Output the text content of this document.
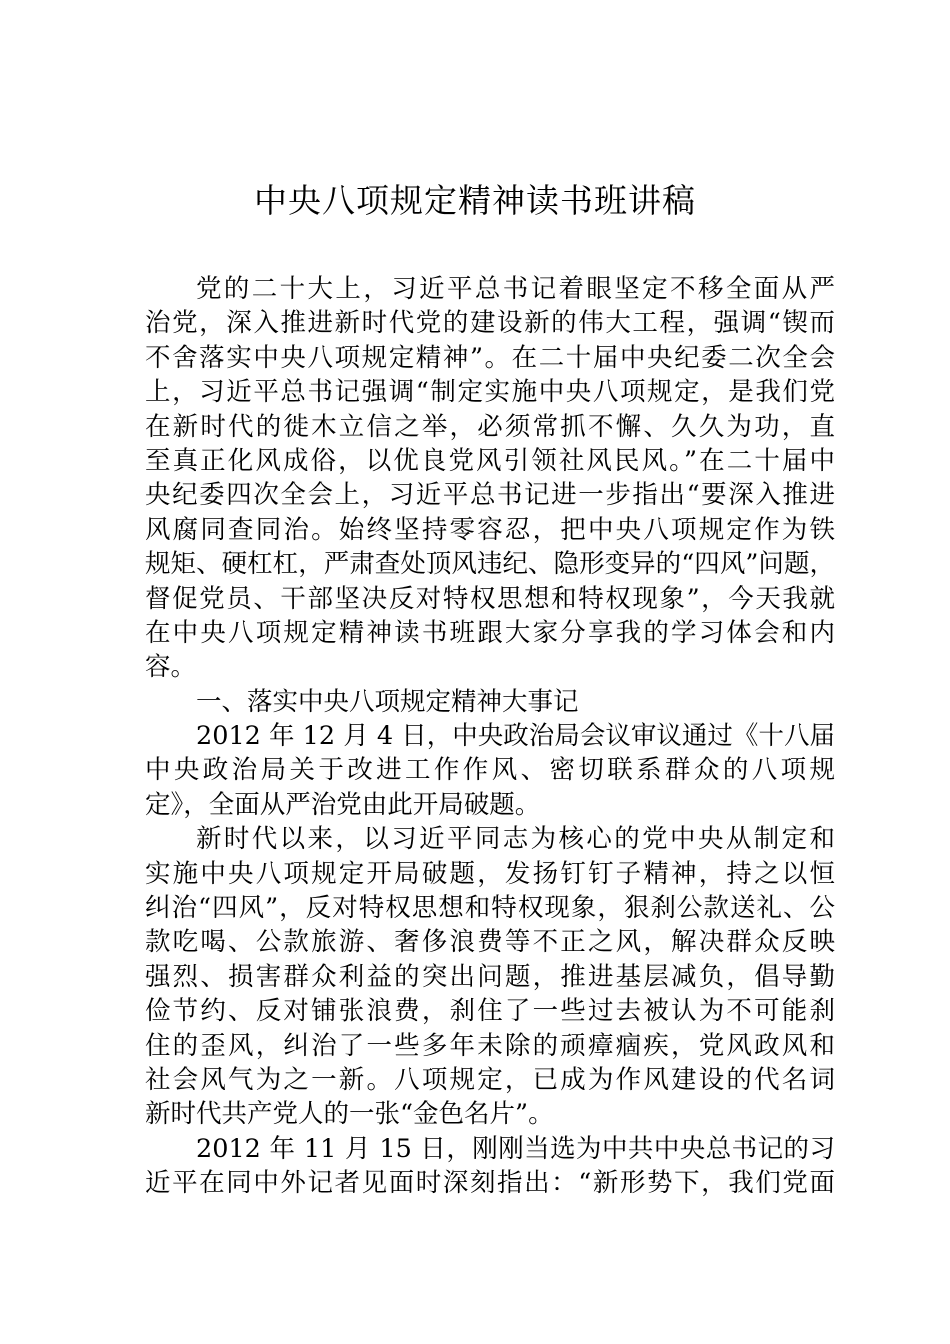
中央八项规定精神读书班讲稿
党的二十大上，习近平总书记着眼坚定不移全面从严
治党，深入推进新时代党的建设新的伟大工程，强调“锲而
不舍落实中央八项规定精神”。在二十届中央纪委二次全会
上，习近平总书记强调“制定实施中央八项规定，是我们党
在新时代的徙木立信之举，必须常抓不懈、久久为功，直
至真正化风成俗，以优良党风引领社风民风。”在二十届中
央纪委四次全会上，习近平总书记进一步指出“要深入推进
风腐同查同治。始终坚持零容忍，把中央八项规定作为铁
规矩、硬杠杠，严肃查处顶风违纪、隐形变异的“四风”问题，
督促党员、干部坚决反对特权思想和特权现象”，今天我就
在中央八项规定精神读书班跟大家分享我的学习体会和内
容。
一、落实中央八项规定精神大事记
2012 年 12 月 4 日，中央政治局会议审议通过《十八届
中央政治局关于改进工作作风、密切联系群众的八项规
定》，全面从严治党由此开局破题。
新时代以来，以习近平同志为核心的党中央从制定和
实施中央八项规定开局破题，发扬钉钉子精神，持之以恒
纠治“四风”，反对特权思想和特权现象，狠刹公款送礼、公
款吃喝、公款旅游、奢侈浪费等不正之风，解决群众反映
强烈、损害群众利益的突出问题，推进基层减负，倡导勤
俭节约、反对铺张浪费，刹住了一些过去被认为不可能刹
住的歪风，纠治了一些多年未除的顽瘴痼疾，党风政风和
社会风气为之一新。八项规定，已成为作风建设的代名词
新时代共产党人的一张“金色名片”。
2012 年 11 月 15 日，刚刚当选为中共中央总书记的习
近平在同中外记者见面时深刻指出：“新形势下，我们党面
